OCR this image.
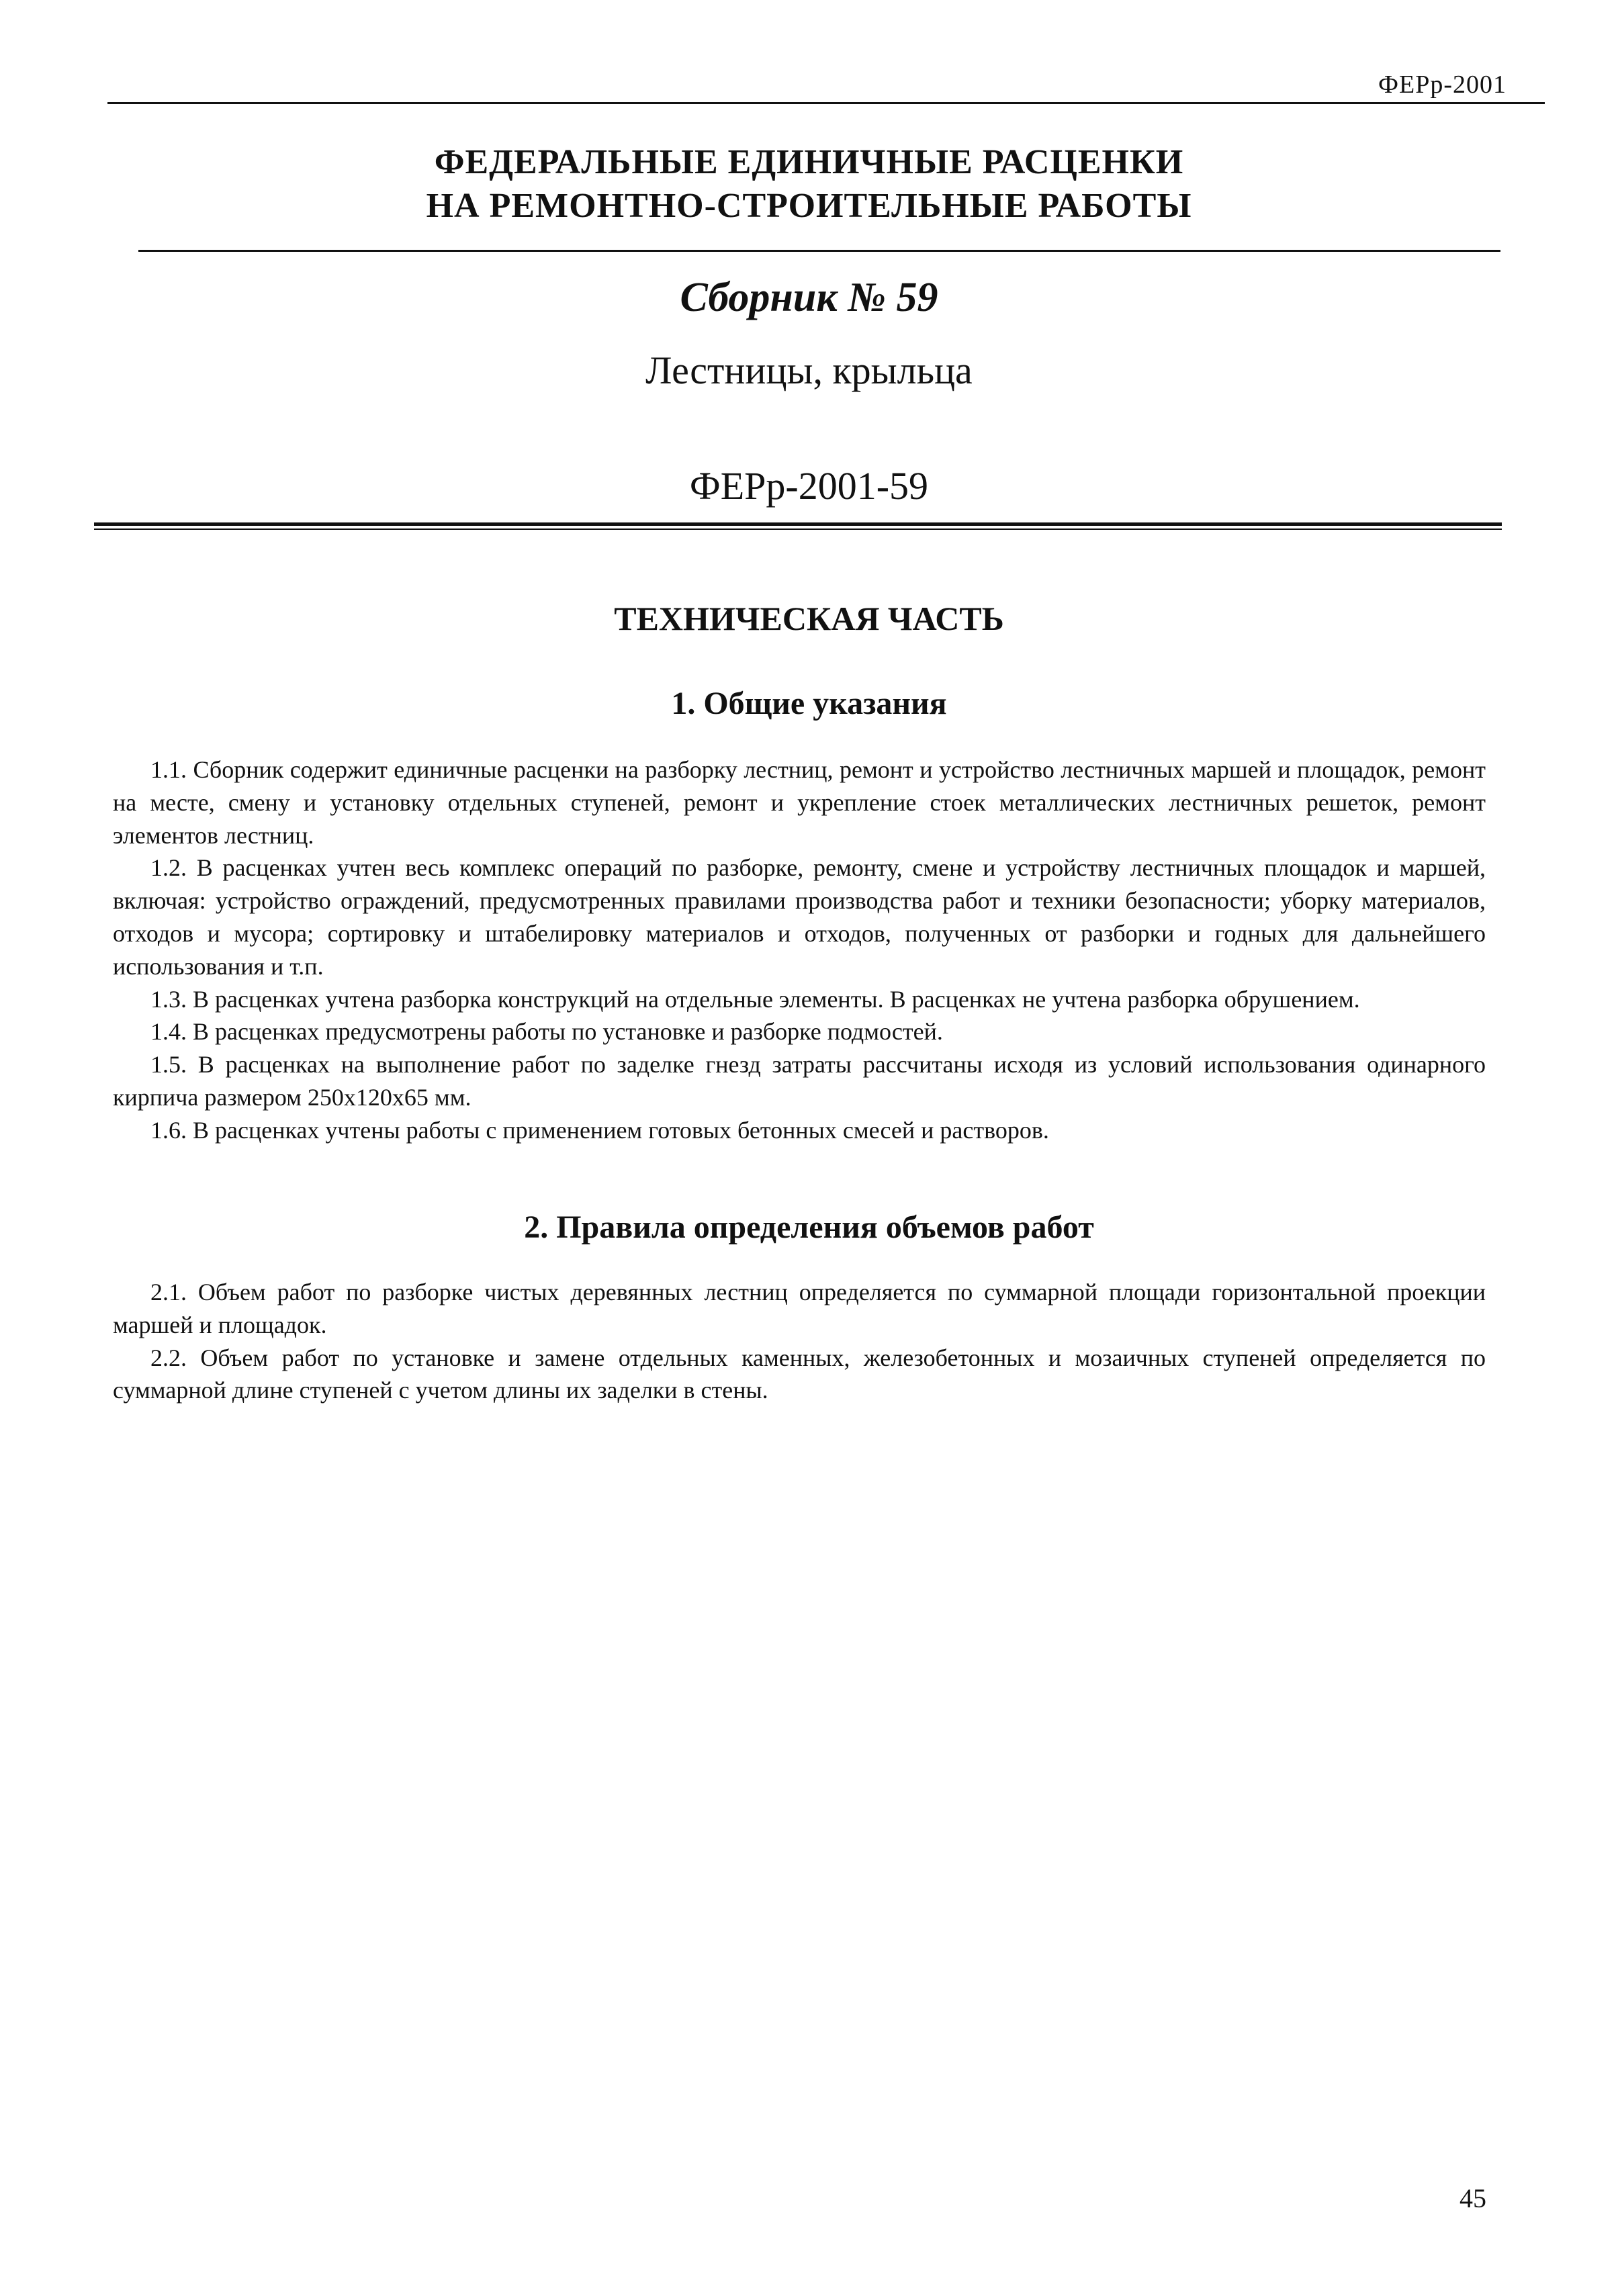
ФЕРр-2001
ФЕДЕРАЛЬНЫЕ ЕДИНИЧНЫЕ РАСЦЕНКИ
НА РЕМОНТНО-СТРОИТЕЛЬНЫЕ РАБОТЫ
Сборник № 59
Лестницы, крыльца
ФЕРр-2001-59
ТЕХНИЧЕСКАЯ ЧАСТЬ
1. Общие указания

1.1. Сборник содержит единичные расценки на разборку лестниц, ремонт и устройство лестничных маршей и площадок, ремонт на месте, смену и установку отдельных ступеней, ремонт и укрепление стоек металлических лестничных решеток, ремонт элементов лестниц.

1.2. В расценках учтен весь комплекс операций по разборке, ремонту, смене и устройству лестничных площадок и маршей, включая: устройство ограждений, предусмотренных правилами производства работ и техники безопасности; уборку материалов, отходов и мусора; сортировку и штабелировку материалов и отходов, полученных от разборки и годных для дальнейшего использования и т.п.

1.3. В расценках учтена разборка конструкций на отдельные элементы. В расценках не учтена разборка обрушением.

1.4. В расценках предусмотрены работы по установке и разборке подмостей.

1.5. В расценках на выполнение работ по заделке гнезд затраты рассчитаны исходя из условий использования одинарного кирпича размером 250x120x65 мм.

1.6. В расценках учтены работы с применением готовых бетонных смесей и растворов.

2. Правила определения объемов работ

2.1. Объем работ по разборке чистых деревянных лестниц определяется по суммарной площади горизонтальной проекции маршей и площадок.

2.2. Объем работ по установке и замене отдельных каменных, железобетонных и мозаичных ступеней определяется по суммарной длине ступеней с учетом длины их заделки в стены.

45
